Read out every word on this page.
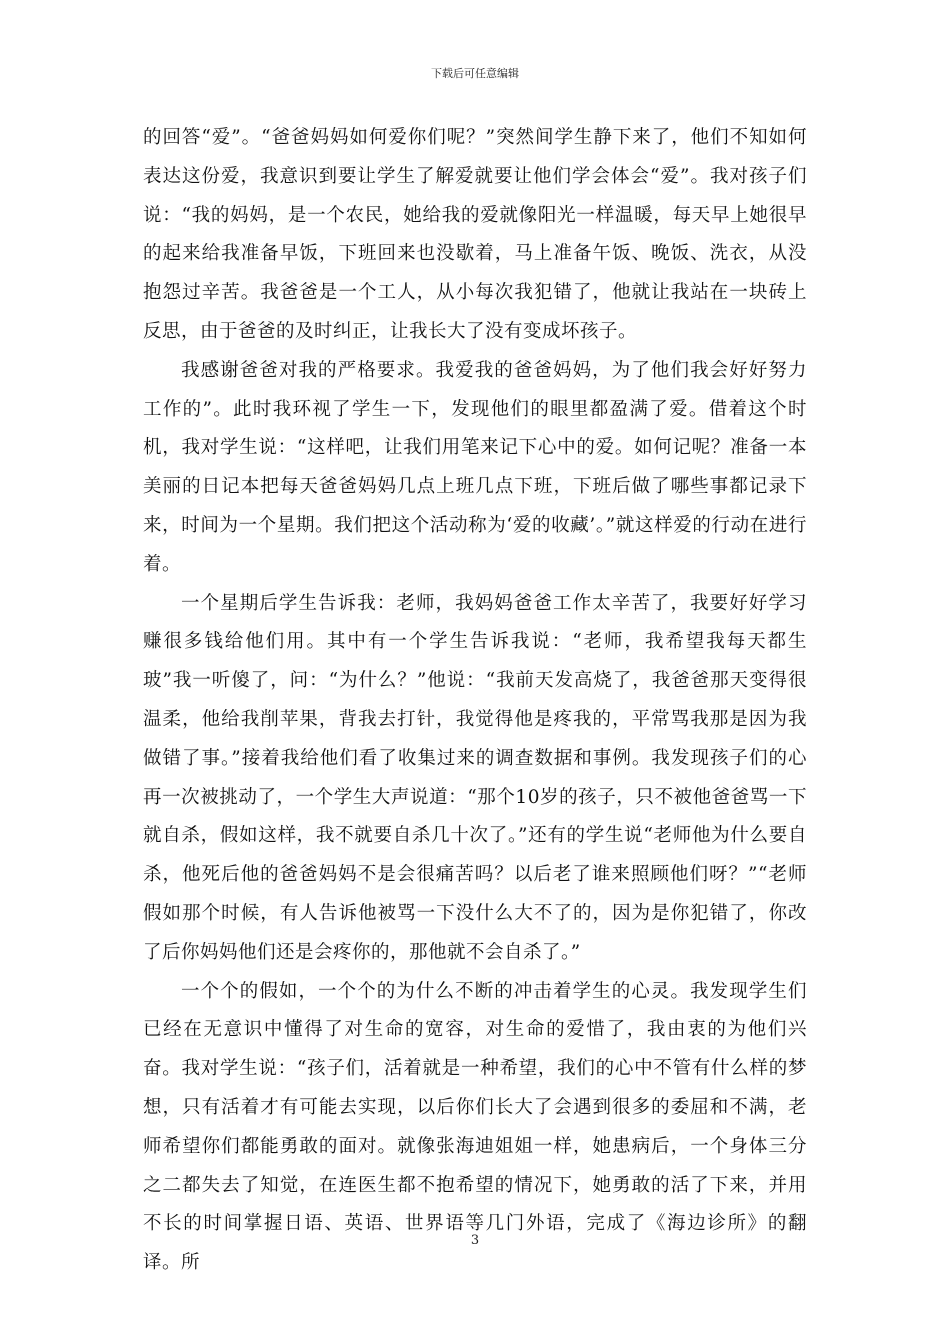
下载后可任意编辑

的回答“爱”。“爸爸妈妈如何爱你们呢？”突然间学生静下来了，他们不知如何表达这份爱，我意识到要让学生了解爱就要让他们学会体会“爱”。我对孩子们说：“我的妈妈，是一个农民，她给我的爱就像阳光一样温暖，每天早上她很早的起来给我准备早饭，下班回来也没歇着，马上准备午饭、晚饭、洗衣，从没抱怨过辛苦。我爸爸是一个工人，从小每次我犯错了，他就让我站在一块砖上反思，由于爸爸的及时纠正，让我长大了没有变成坏孩子。

我感谢爸爸对我的严格要求。我爱我的爸爸妈妈，为了他们我会好好努力工作的”。此时我环视了学生一下，发现他们的眼里都盈满了爱。借着这个时机，我对学生说：“这样吧，让我们用笔来记下心中的爱。如何记呢？准备一本美丽的日记本把每天爸爸妈妈几点上班几点下班，下班后做了哪些事都记录下来，时间为一个星期。我们把这个活动称为‘爱的收藏’。”就这样爱的行动在进行着。

一个星期后学生告诉我：老师，我妈妈爸爸工作太辛苦了，我要好好学习赚很多钱给他们用。其中有一个学生告诉我说：“老师，我希望我每天都生玻”我一听傻了，问：“为什么？”他说：“我前天发高烧了，我爸爸那天变得很温柔，他给我削苹果，背我去打针，我觉得他是疼我的，平常骂我那是因为我做错了事。”接着我给他们看了收集过来的调查数据和事例。我发现孩子们的心再一次被挑动了，一个学生大声说道：“那个10岁的孩子，只不被他爸爸骂一下就自杀，假如这样，我不就要自杀几十次了。”还有的学生说“老师他为什么要自杀，他死后他的爸爸妈妈不是会很痛苦吗？以后老了谁来照顾他们呀？”“老师假如那个时候，有人告诉他被骂一下没什么大不了的，因为是你犯错了，你改了后你妈妈他们还是会疼你的，那他就不会自杀了。”

一个个的假如，一个个的为什么不断的冲击着学生的心灵。我发现学生们已经在无意识中懂得了对生命的宽容，对生命的爱惜了，我由衷的为他们兴奋。我对学生说：“孩子们，活着就是一种希望，我们的心中不管有什么样的梦想，只有活着才有可能去实现，以后你们长大了会遇到很多的委屈和不满，老师希望你们都能勇敢的面对。就像张海迪姐姐一样，她患病后，一个身体三分之二都失去了知觉，在连医生都不抱希望的情况下，她勇敢的活了下来，并用不长的时间掌握日语、英语、世界语等几门外语，完成了《海边诊所》的翻译。所

3
